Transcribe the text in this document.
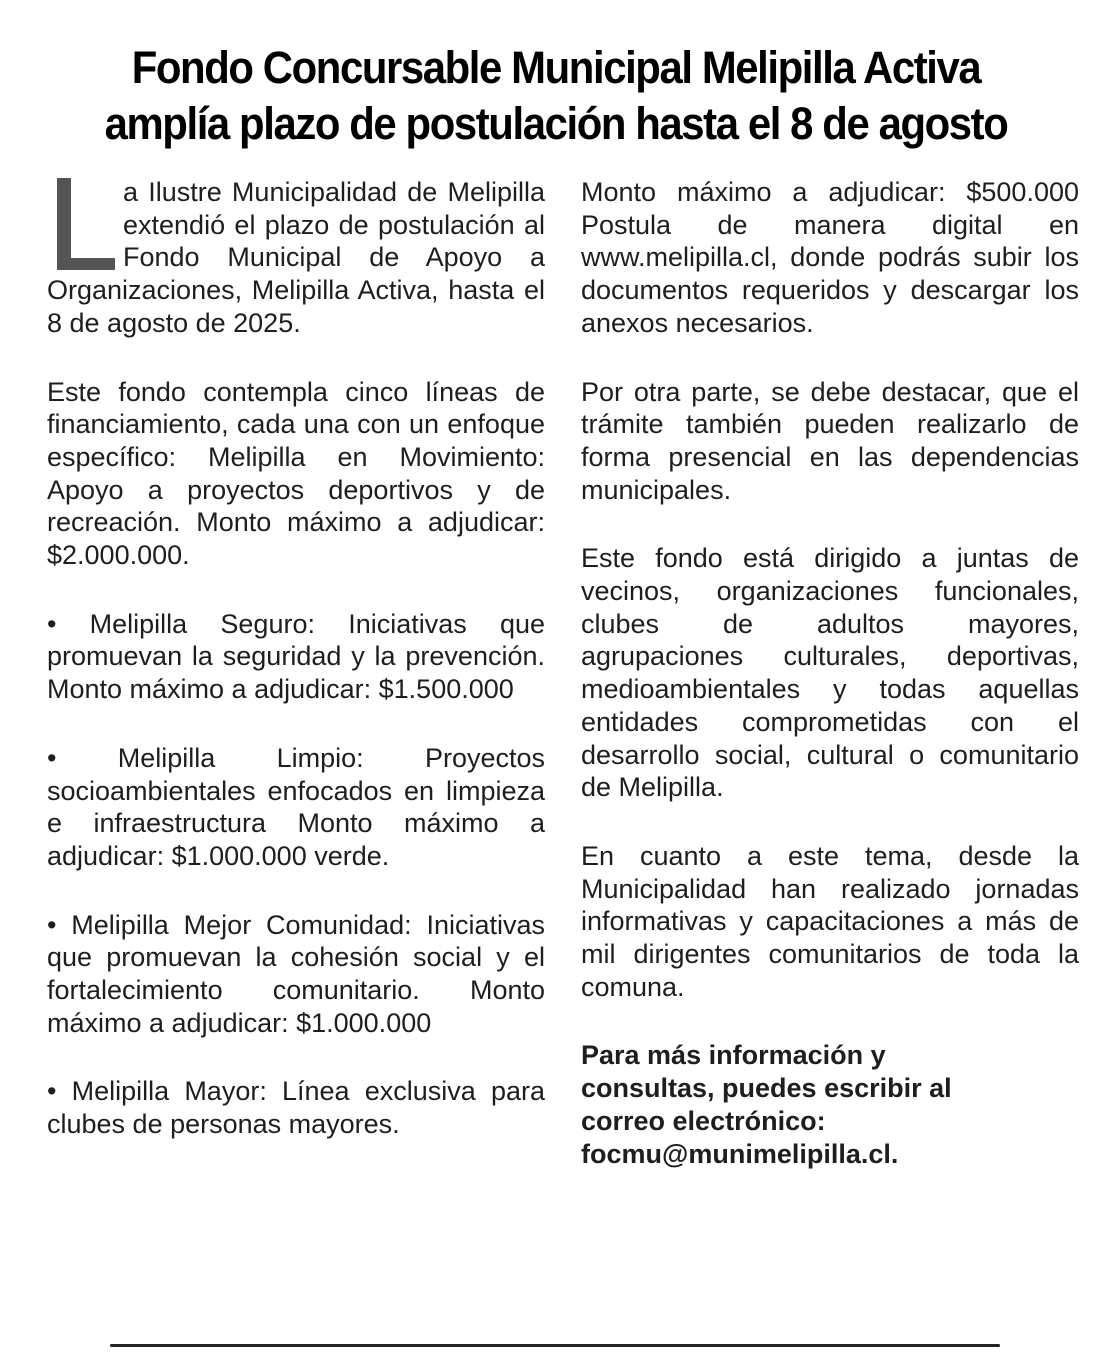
Fondo Concursable Municipal Melipilla Activa
amplía plazo de postulación hasta el 8 de agosto

a Ilustre Municipalidad de Melipilla extendió el plazo de postulación al Fondo Municipal de Apoyo a Organizaciones, Melipilla Activa, hasta el 8 de agosto de 2025.

Este fondo contempla cinco líneas de financiamiento, cada una con un enfoque específico: Melipilla en Movimiento: Apoyo a proyectos deportivos y de recreación. Monto máximo a adjudicar: $2.000.000.

• Melipilla Seguro: Iniciativas que promuevan la seguridad y la prevención. Monto máximo a adjudicar: $1.500.000

• Melipilla Limpio: Proyectos socioambientales enfocados en limpieza e infraestructura Monto máximo a adjudicar: $1.000.000 verde.

• Melipilla Mejor Comunidad: Iniciativas que promuevan la cohesión social y el fortalecimiento comunitario. Monto máximo a adjudicar: $1.000.000

• Melipilla Mayor: Línea exclusiva para clubes de personas mayores.

Monto máximo a adjudicar: $500.000 Postula de manera digital en www.melipilla.cl, donde podrás subir los documentos requeridos y descargar los anexos necesarios.

Por otra parte, se debe destacar, que el trámite también pueden realizarlo de forma presencial en las dependencias municipales.

Este fondo está dirigido a juntas de vecinos, organizaciones funcionales, clubes de adultos mayores, agrupaciones culturales, deportivas, medioambientales y todas aquellas entidades comprometidas con el desarrollo social, cultural o comunitario de Melipilla.

En cuanto a este tema, desde la Municipalidad han realizado jornadas informativas y capacitaciones a más de mil dirigentes comunitarios de toda la comuna.

Para más información y
consultas, puedes escribir al
correo electrónico:
focmu@munimelipilla.cl.
